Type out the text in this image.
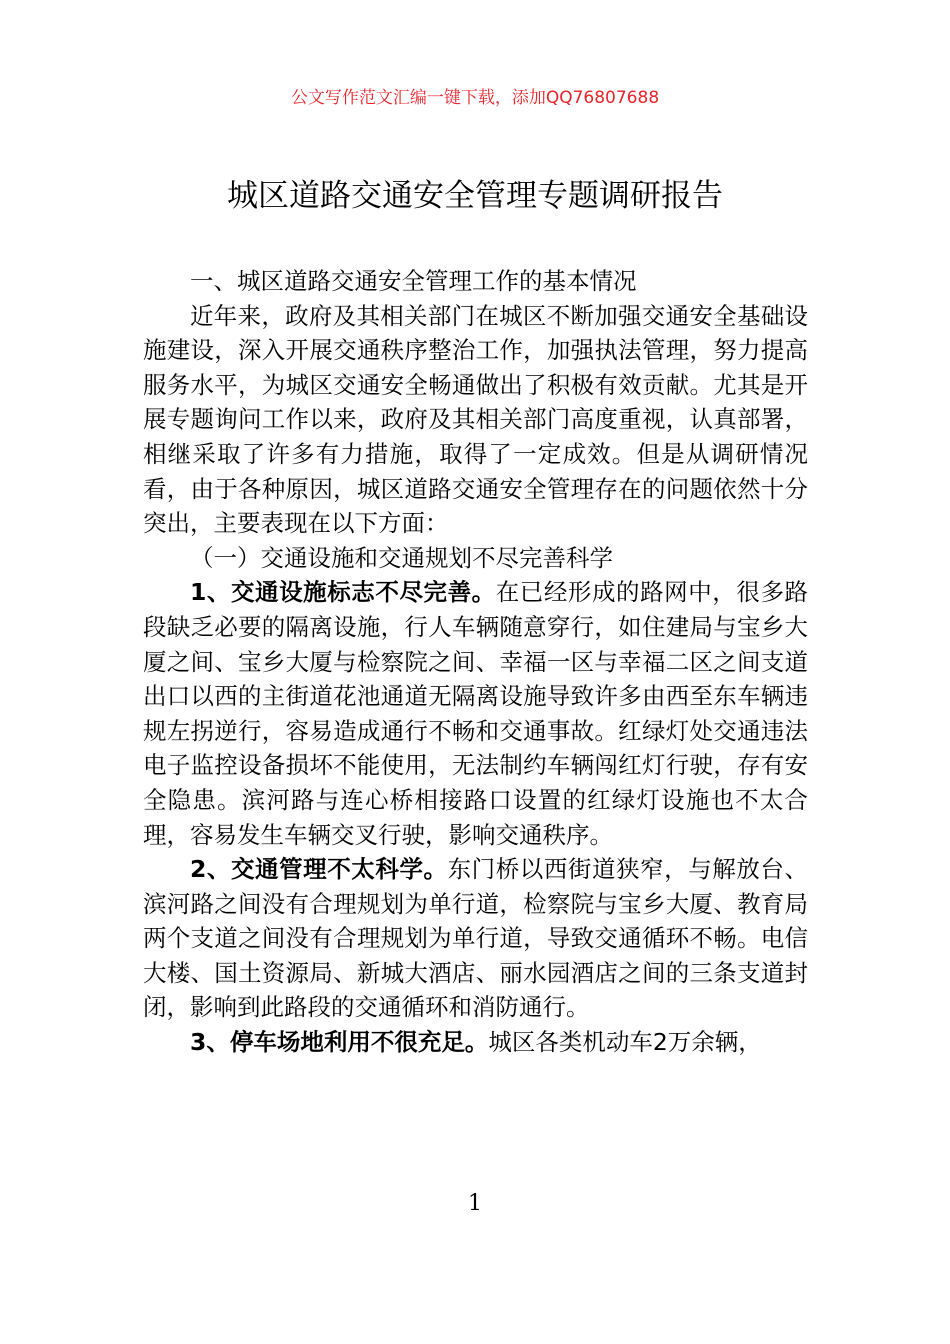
公文写作范文汇编一键下载，添加QQ76807688
城区道路交通安全管理专题调研报告

一、城区道路交通安全管理工作的基本情况

近年来，政府及其相关部门在城区不断加强交通安全基础设施建设，深入开展交通秩序整治工作，加强执法管理，努力提高服务水平，为城区交通安全畅通做出了积极有效贡献。尤其是开展专题询问工作以来，政府及其相关部门高度重视，认真部署，相继采取了许多有力措施，取得了一定成效。但是从调研情况看，由于各种原因，城区道路交通安全管理存在的问题依然十分突出，主要表现在以下方面：

（一）交通设施和交通规划不尽完善科学

1、交通设施标志不尽完善。在已经形成的路网中，很多路段缺乏必要的隔离设施，行人车辆随意穿行，如住建局与宝乡大厦之间、宝乡大厦与检察院之间、幸福一区与幸福二区之间支道出口以西的主街道花池通道无隔离设施导致许多由西至东车辆违规左拐逆行，容易造成通行不畅和交通事故。红绿灯处交通违法电子监控设备损坏不能使用，无法制约车辆闯红灯行驶，存有安全隐患。滨河路与连心桥相接路口设置的红绿灯设施也不太合理，容易发生车辆交叉行驶，影响交通秩序。

2、交通管理不太科学。东门桥以西街道狭窄，与解放台、滨河路之间没有合理规划为单行道，检察院与宝乡大厦、教育局两个支道之间没有合理规划为单行道，导致交通循环不畅。电信大楼、国土资源局、新城大酒店、丽水园酒店之间的三条支道封闭，影响到此路段的交通循环和消防通行。

3、停车场地利用不很充足。城区各类机动车2万余辆，

1
